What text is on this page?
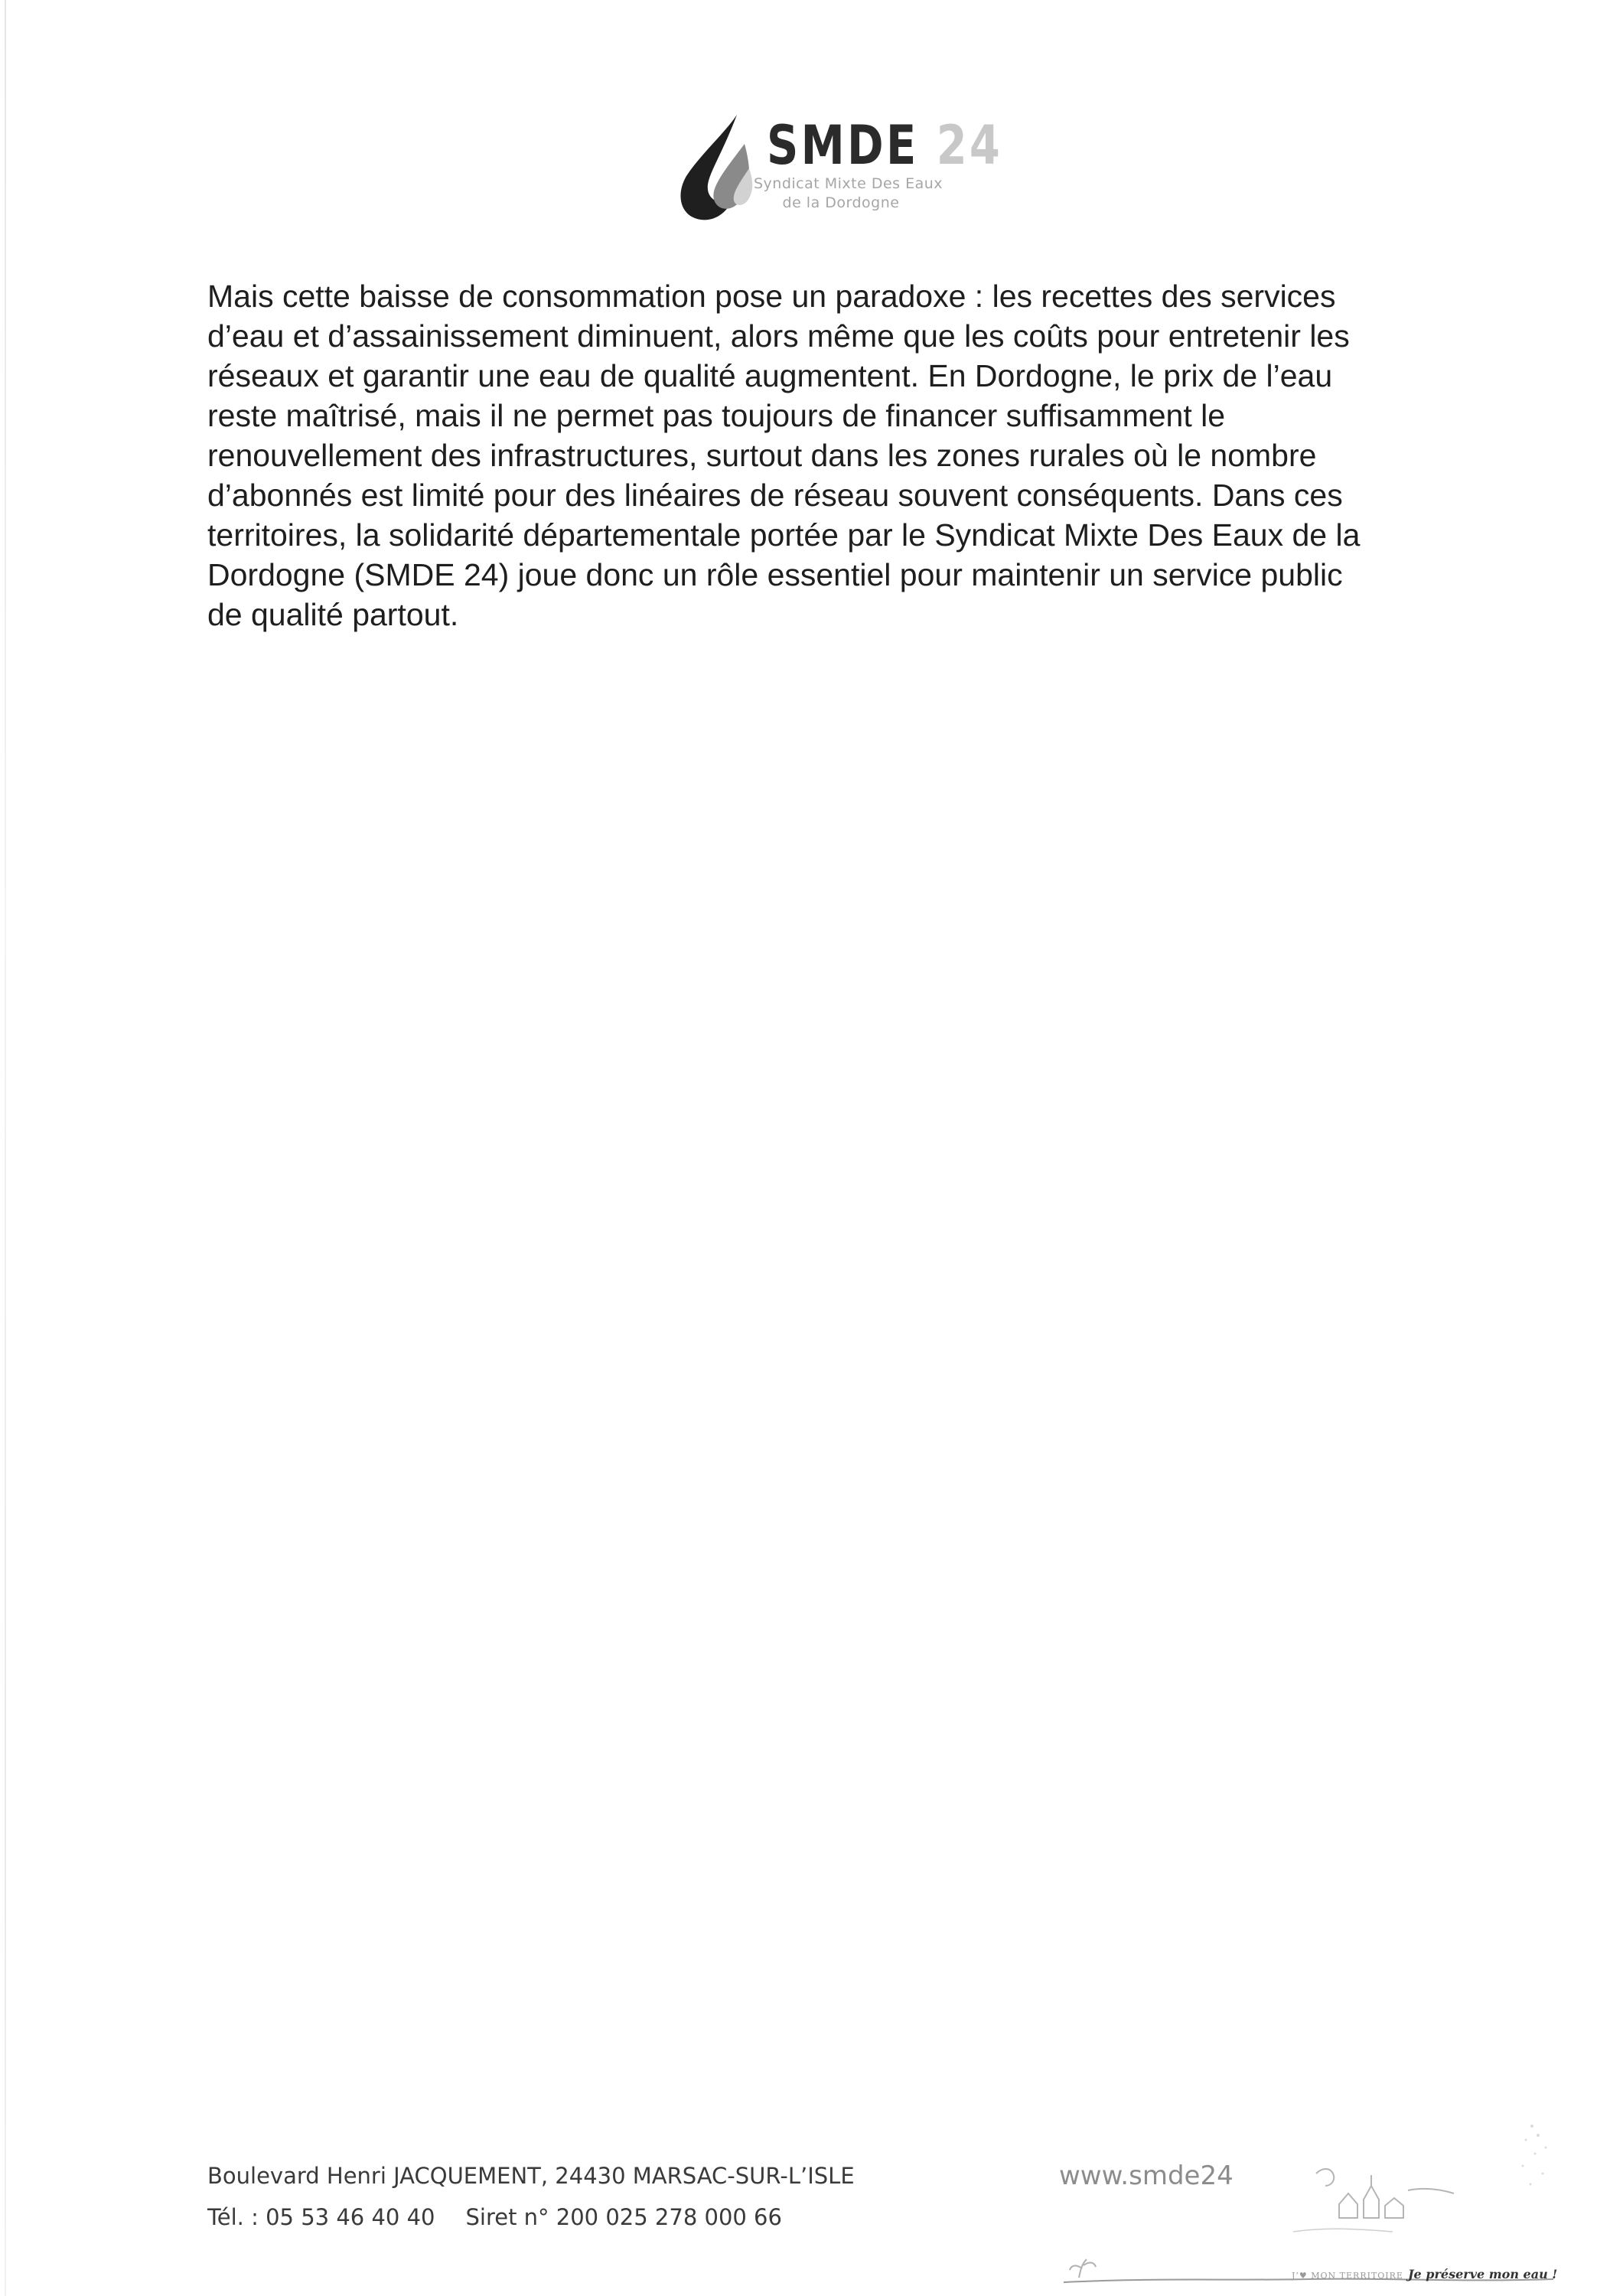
SMDE 24
Syndicat Mixte Des Eaux
de la Dordogne

Mais cette baisse de consommation pose un paradoxe : les recettes des services
d’eau et d’assainissement diminuent, alors même que les coûts pour entretenir les
réseaux et garantir une eau de qualité augmentent. En Dordogne, le prix de l’eau
reste maîtrisé, mais il ne permet pas toujours de financer suffisamment le
renouvellement des infrastructures, surtout dans les zones rurales où le nombre
d’abonnés est limité pour des linéaires de réseau souvent conséquents. Dans ces
territoires, la solidarité départementale portée par le Syndicat Mixte Des Eaux de la
Dordogne (SMDE 24) joue donc un rôle essentiel pour maintenir un service public
de qualité partout.

Boulevard Henri JACQUEMENT, 24430 MARSAC-SUR-L’ISLE
Tél. : 05 53 46 40 40 Siret n° 200 025 278 000 66
www.smde24
J’♥ MON TERRITOIRE Je préserve mon eau !
